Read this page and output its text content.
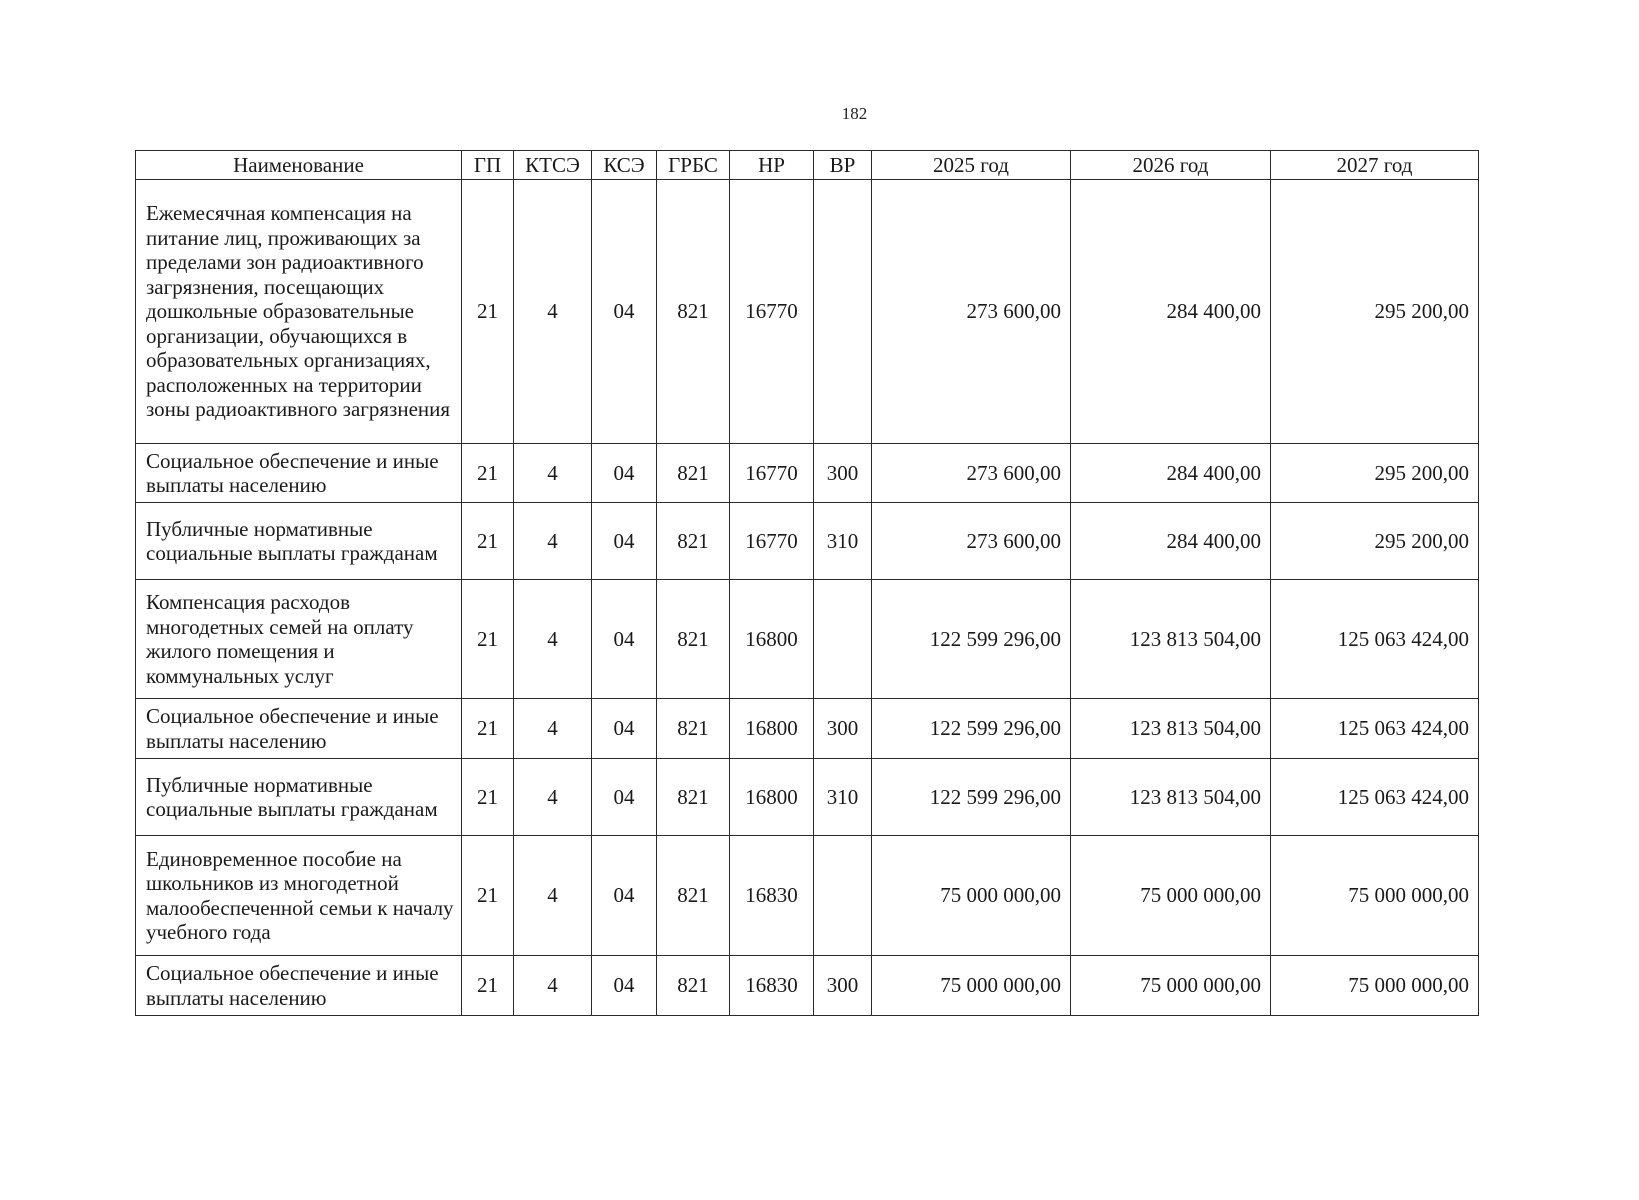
182
Наименование	ГП	КТСЭ	КСЭ	ГРБС	НР	ВР	2025 год	2026 год	2027 год
Ежемесячная компенсация на питание лиц, проживающих за пределами зон радиоактивного загрязнения, посещающих дошкольные образовательные организации, обучающихся в образовательных организациях, расположенных на территории зоны радиоактивного загрязнения	21	4	04	821	16770		273 600,00	284 400,00	295 200,00
Социальное обеспечение и иные выплаты населению	21	4	04	821	16770	300	273 600,00	284 400,00	295 200,00
Публичные нормативные социальные выплаты гражданам	21	4	04	821	16770	310	273 600,00	284 400,00	295 200,00
Компенсация расходов многодетных семей на оплату жилого помещения и коммунальных услуг	21	4	04	821	16800		122 599 296,00	123 813 504,00	125 063 424,00
Социальное обеспечение и иные выплаты населению	21	4	04	821	16800	300	122 599 296,00	123 813 504,00	125 063 424,00
Публичные нормативные социальные выплаты гражданам	21	4	04	821	16800	310	122 599 296,00	123 813 504,00	125 063 424,00
Единовременное пособие на школьников из многодетной малообеспеченной семьи к началу учебного года	21	4	04	821	16830		75 000 000,00	75 000 000,00	75 000 000,00
Социальное обеспечение и иные выплаты населению	21	4	04	821	16830	300	75 000 000,00	75 000 000,00	75 000 000,00
